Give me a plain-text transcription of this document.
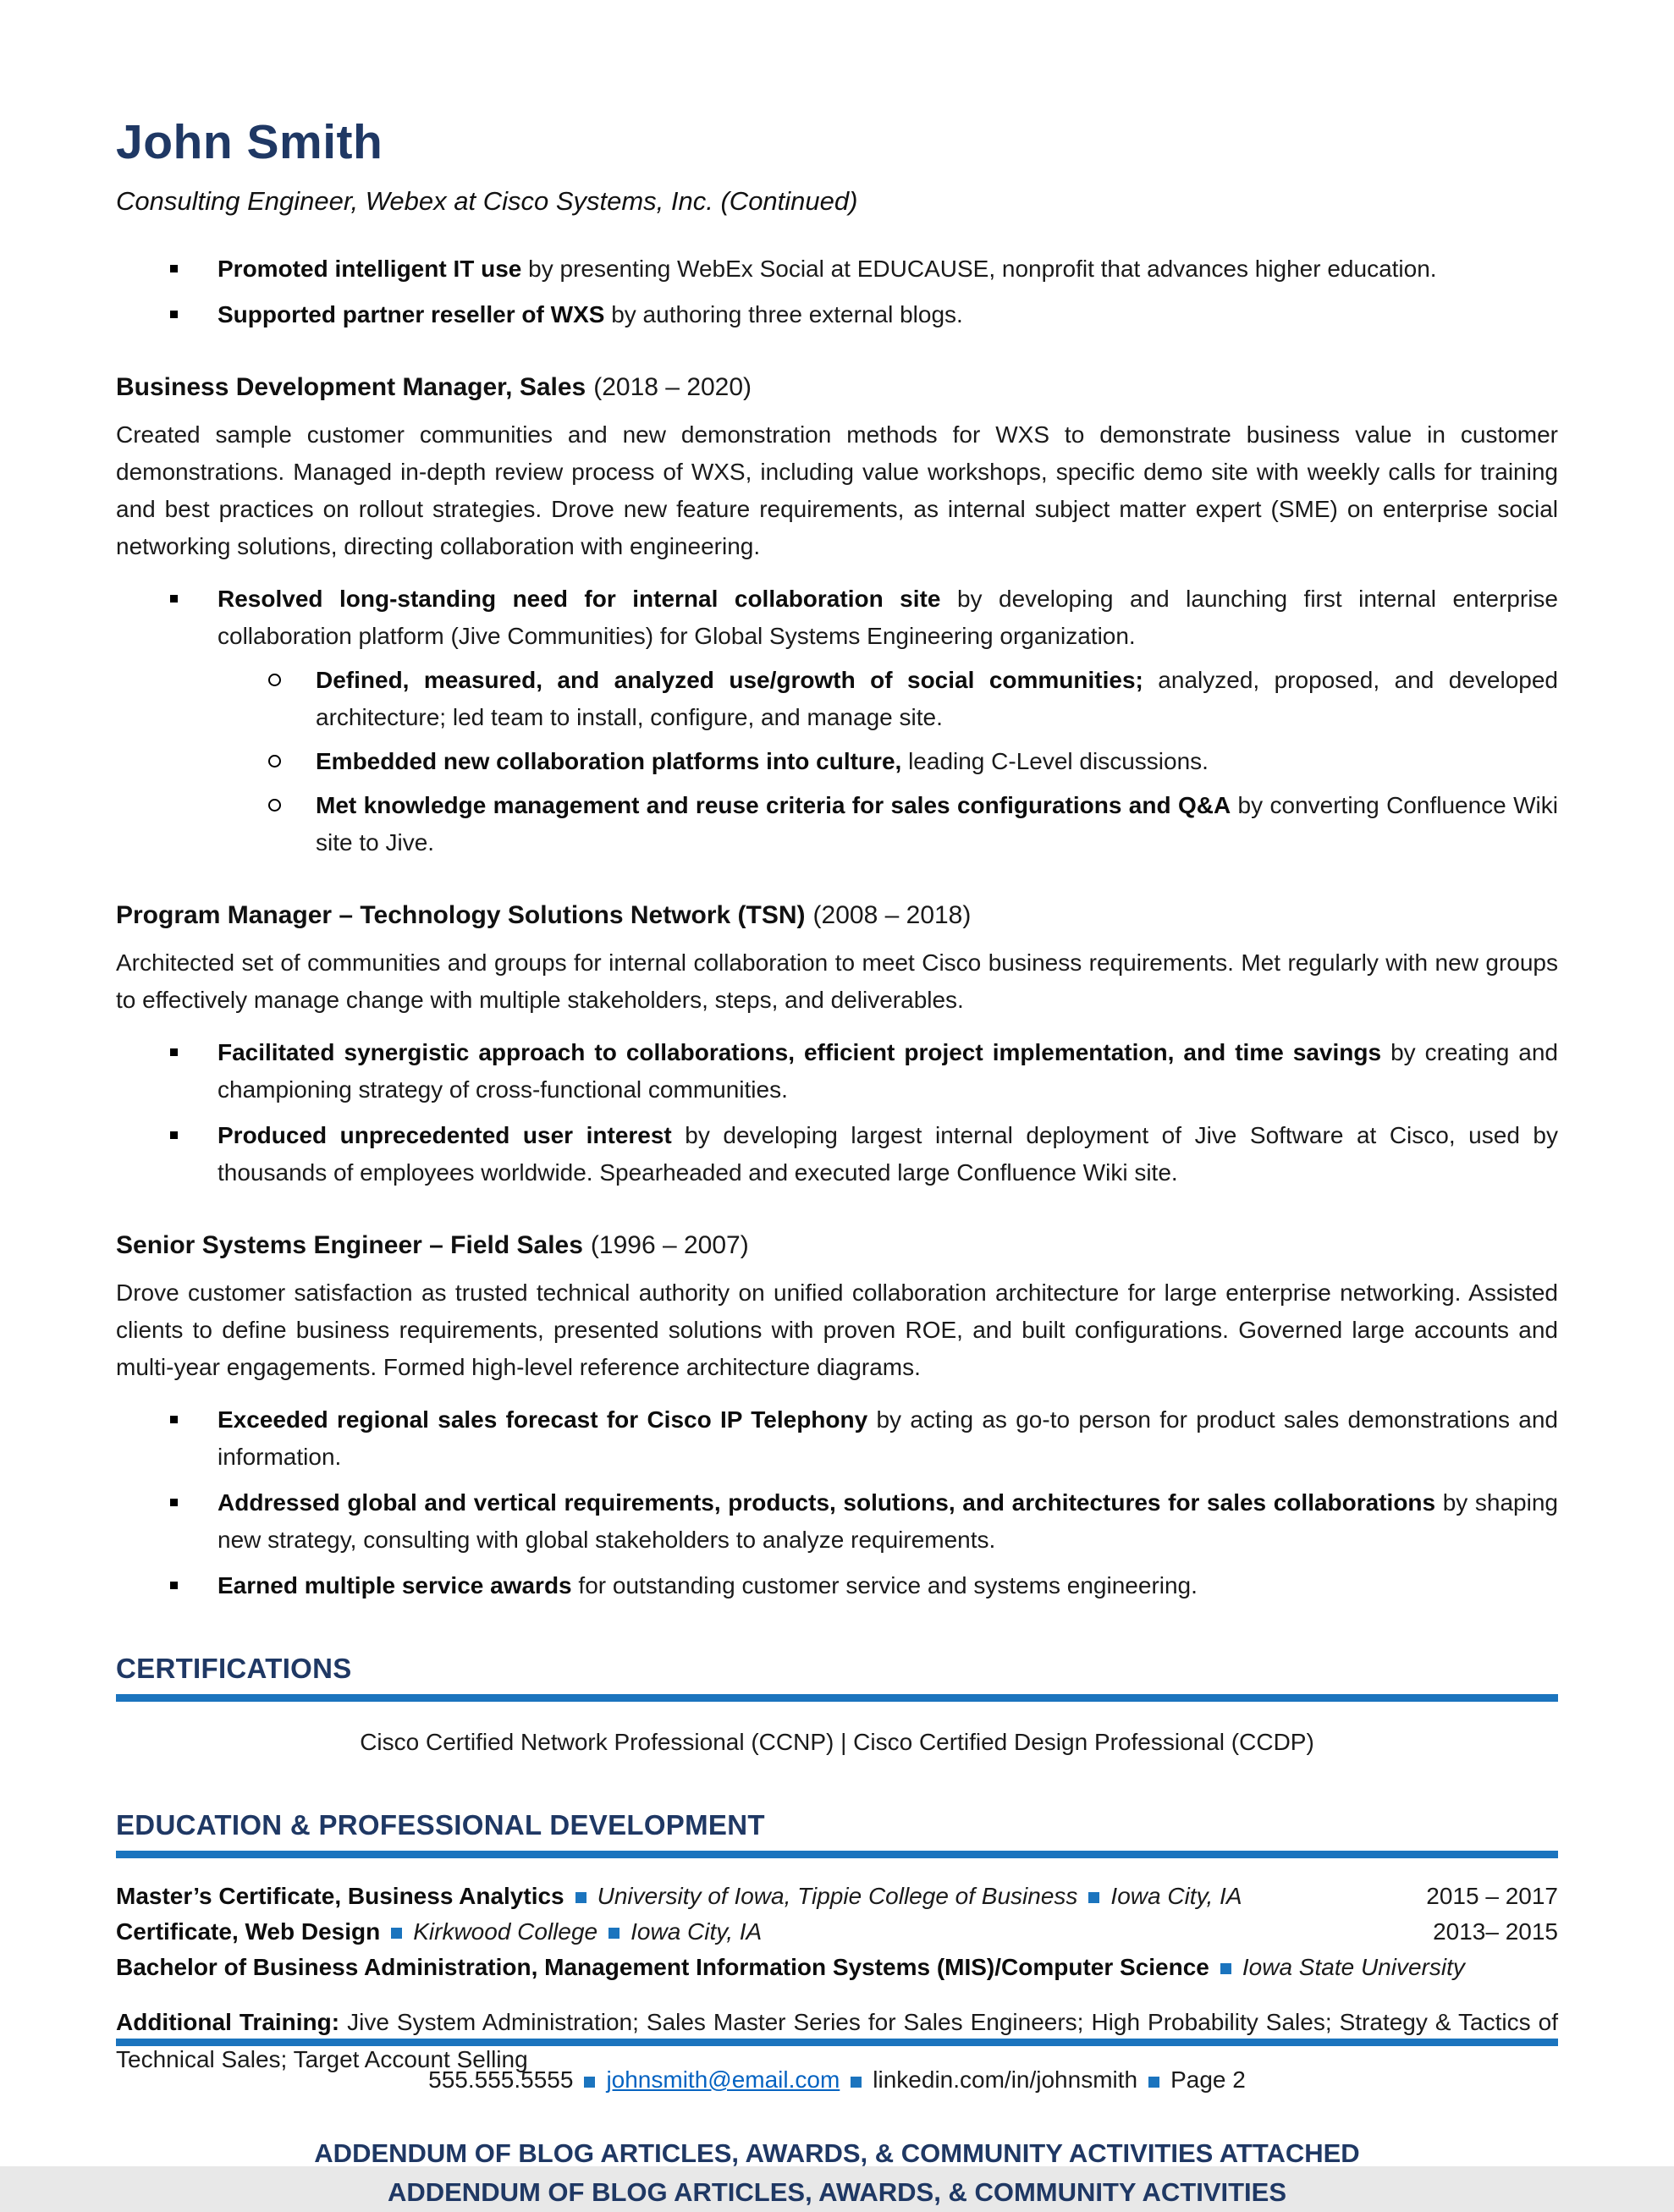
John Smith
Consulting Engineer, Webex at Cisco Systems, Inc. (Continued)
Promoted intelligent IT use by presenting WebEx Social at EDUCAUSE, nonprofit that advances higher education.
Supported partner reseller of WXS by authoring three external blogs.
Business Development Manager, Sales (2018 – 2020)

Created sample customer communities and new demonstration methods for WXS to demonstrate business value in customer demonstrations. Managed in-depth review process of WXS, including value workshops, specific demo site with weekly calls for training and best practices on rollout strategies. Drove new feature requirements, as internal subject matter expert (SME) on enterprise social networking solutions, directing collaboration with engineering.

Resolved long-standing need for internal collaboration site by developing and launching first internal enterprise collaboration platform (Jive Communities) for Global Systems Engineering organization.
Defined, measured, and analyzed use/growth of social communities; analyzed, proposed, and developed architecture; led team to install, configure, and manage site.
Embedded new collaboration platforms into culture, leading C-Level discussions.
Met knowledge management and reuse criteria for sales configurations and Q&A by converting Confluence Wiki site to Jive.
Program Manager – Technology Solutions Network (TSN) (2008 – 2018)

Architected set of communities and groups for internal collaboration to meet Cisco business requirements. Met regularly with new groups to effectively manage change with multiple stakeholders, steps, and deliverables.

Facilitated synergistic approach to collaborations, efficient project implementation, and time savings by creating and championing strategy of cross-functional communities.
Produced unprecedented user interest by developing largest internal deployment of Jive Software at Cisco, used by thousands of employees worldwide. Spearheaded and executed large Confluence Wiki site.
Senior Systems Engineer – Field Sales (1996 – 2007)

Drove customer satisfaction as trusted technical authority on unified collaboration architecture for large enterprise networking. Assisted clients to define business requirements, presented solutions with proven ROE, and built configurations. Governed large accounts and multi-year engagements. Formed high-level reference architecture diagrams.

Exceeded regional sales forecast for Cisco IP Telephony by acting as go-to person for product sales demonstrations and information.
Addressed global and vertical requirements, products, solutions, and architectures for sales collaborations by shaping new strategy, consulting with global stakeholders to analyze requirements.
Earned multiple service awards for outstanding customer service and systems engineering.
CERTIFICATIONS
Cisco Certified Network Professional (CCNP) | Cisco Certified Design Professional (CCDP)
EDUCATION & PROFESSIONAL DEVELOPMENT
Master’s Certificate, Business Analytics University of Iowa, Tippie College of Business Iowa City, IA	2015 – 2017
Certificate, Web Design Kirkwood College Iowa City, IA	2013– 2015
Bachelor of Business Administration, Management Information Systems (MIS)/Computer Science Iowa State University

Additional Training: Jive System Administration; Sales Master Series for Sales Engineers; High Probability Sales; Strategy & Tactics of Technical Sales; Target Account Selling

ADDENDUM OF BLOG ARTICLES, AWARDS, & COMMUNITY ACTIVITIES ATTACHED
ADDENDUM OF BLOG ARTICLES, AWARDS, & COMMUNITY ACTIVITIES
555.555.5555 johnsmith@email.com linkedin.com/in/johnsmith Page 2
